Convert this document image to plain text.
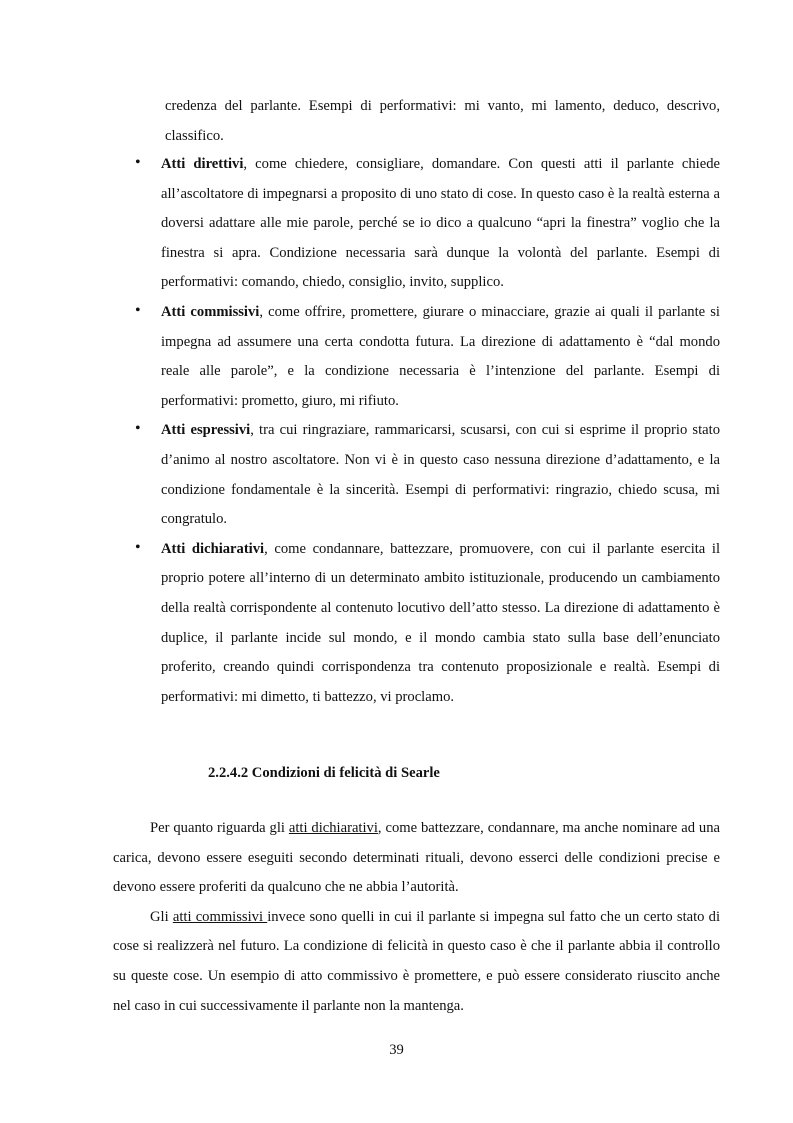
credenza del parlante. Esempi di performativi: mi vanto, mi lamento, deduco, descrivo, classifico.

•	Atti direttivi, come chiedere, consigliare, domandare. Con questi atti il parlante chiede all’ascoltatore di impegnarsi a proposito di uno stato di cose. In questo caso è la realtà esterna a doversi adattare alle mie parole, perché se io dico a qualcuno “apri la finestra” voglio che la finestra si apra. Condizione necessaria sarà dunque la volontà del parlante. Esempi di performativi: comando, chiedo, consiglio, invito, supplico.
•	Atti commissivi, come offrire, promettere, giurare o minacciare, grazie ai quali il parlante si impegna ad assumere una certa condotta futura. La direzione di adattamento è “dal mondo reale alle parole”, e la condizione necessaria è l’intenzione del parlante. Esempi di performativi: prometto, giuro, mi rifiuto.
•	Atti espressivi, tra cui ringraziare, rammaricarsi, scusarsi, con cui si esprime il proprio stato d’animo al nostro ascoltatore. Non vi è in questo caso nessuna direzione d’adattamento, e la condizione fondamentale è la sincerità. Esempi di performativi: ringrazio, chiedo scusa, mi congratulo.
•	Atti dichiarativi, come condannare, battezzare, promuovere, con cui il parlante esercita il proprio potere all’interno di un determinato ambito istituzionale, producendo un cambiamento della realtà corrispondente al contenuto locutivo dell’atto stesso. La direzione di adattamento è duplice, il parlante incide sul mondo, e il mondo cambia stato sulla base dell’enunciato proferito, creando quindi corrispondenza tra contenuto proposizionale e realtà. Esempi di performativi: mi dimetto, ti battezzo, vi proclamo.
2.2.4.2 Condizioni di felicità di Searle

Per quanto riguarda gli atti dichiarativi, come battezzare, condannare, ma anche nominare ad una carica, devono essere eseguiti secondo determinati rituali, devono esserci delle condizioni precise e devono essere proferiti da qualcuno che ne abbia l’autorità.

Gli atti commissivi invece sono quelli in cui il parlante si impegna sul fatto che un certo stato di cose si realizzerà nel futuro. La condizione di felicità in questo caso è che il parlante abbia il controllo su queste cose. Un esempio di atto commissivo è promettere, e può essere considerato riuscito anche nel caso in cui successivamente il parlante non la mantenga.

39
